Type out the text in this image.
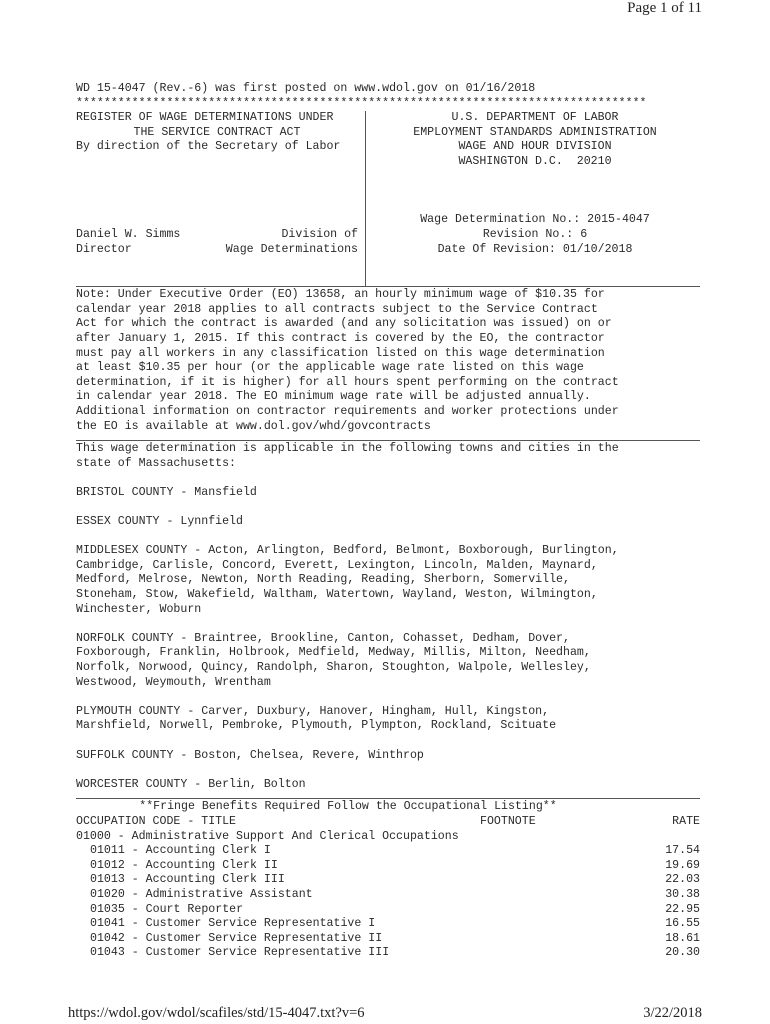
Page 1 of 11
WD 15-4047 (Rev.-6) was first posted on www.wdol.gov on 01/16/2018
**********************************************************************************
REGISTER OF WAGE DETERMINATIONS UNDER
THE SERVICE CONTRACT ACT
By direction of the Secretary of Labor
Daniel W. Simms	Division of
Director	Wage Determinations
U.S. DEPARTMENT OF LABOR
EMPLOYMENT STANDARDS ADMINISTRATION
WAGE AND HOUR DIVISION
WASHINGTON D.C.  20210
Wage Determination No.: 2015-4047
Revision No.: 6
Date Of Revision: 01/10/2018
Note: Under Executive Order (EO) 13658, an hourly minimum wage of $10.35 for
calendar year 2018 applies to all contracts subject to the Service Contract
Act for which the contract is awarded (and any solicitation was issued) on or
after January 1, 2015. If this contract is covered by the EO, the contractor
must pay all workers in any classification listed on this wage determination
at least $10.35 per hour (or the applicable wage rate listed on this wage
determination, if it is higher) for all hours spent performing on the contract
in calendar year 2018. The EO minimum wage rate will be adjusted annually.
Additional information on contractor requirements and worker protections under
the EO is available at www.dol.gov/whd/govcontracts
This wage determination is applicable in the following towns and cities in the
state of Massachusetts:
BRISTOL COUNTY - Mansfield
ESSEX COUNTY - Lynnfield
MIDDLESEX COUNTY - Acton, Arlington, Bedford, Belmont, Boxborough, Burlington,
Cambridge, Carlisle, Concord, Everett, Lexington, Lincoln, Malden, Maynard,
Medford, Melrose, Newton, North Reading, Reading, Sherborn, Somerville,
Stoneham, Stow, Wakefield, Waltham, Watertown, Wayland, Weston, Wilmington,
Winchester, Woburn
NORFOLK COUNTY - Braintree, Brookline, Canton, Cohasset, Dedham, Dover,
Foxborough, Franklin, Holbrook, Medfield, Medway, Millis, Milton, Needham,
Norfolk, Norwood, Quincy, Randolph, Sharon, Stoughton, Walpole, Wellesley,
Westwood, Weymouth, Wrentham
PLYMOUTH COUNTY - Carver, Duxbury, Hanover, Hingham, Hull, Kingston,
Marshfield, Norwell, Pembroke, Plymouth, Plympton, Rockland, Scituate
SUFFOLK COUNTY - Boston, Chelsea, Revere, Winthrop
WORCESTER COUNTY - Berlin, Bolton
**Fringe Benefits Required Follow the Occupational Listing**
OCCUPATION CODE - TITLE	FOOTNOTE	RATE
01000 - Administrative Support And Clerical Occupations
01011 - Accounting Clerk I	17.54
01012 - Accounting Clerk II	19.69
01013 - Accounting Clerk III	22.03
01020 - Administrative Assistant	30.38
01035 - Court Reporter	22.95
01041 - Customer Service Representative I	16.55
01042 - Customer Service Representative II	18.61
01043 - Customer Service Representative III	20.30
https://wdol.gov/wdol/scafiles/std/15-4047.txt?v=6	3/22/2018
